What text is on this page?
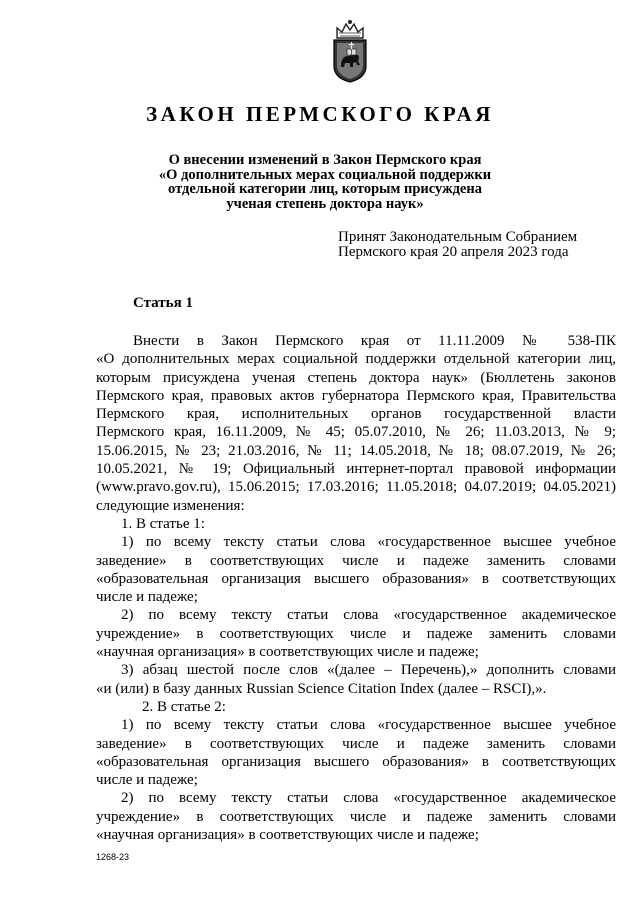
ЗАКОН ПЕРМСКОГО КРАЯ
О внесении изменений в Закон Пермского края
«О дополнительных мерах социальной поддержки
отдельной категории лиц, которым присуждена
ученая степень доктора наук»
Принят Законодательным Собранием
Пермского края 20 апреля 2023 года
Статья 1
Внести в Закон Пермского края от 11.11.2009 № 538-ПК
«О дополнительных мерах социальной поддержки отдельной категории лиц,
которым присуждена ученая степень доктора наук» (Бюллетень законов
Пермского края, правовых актов губернатора Пермского края, Правительства
Пермского края, исполнительных органов государственной власти
Пермского края, 16.11.2009, № 45; 05.07.2010, № 26; 11.03.2013, № 9;
15.06.2015, № 23; 21.03.2016, № 11; 14.05.2018, № 18; 08.07.2019, № 26;
10.05.2021, № 19; Официальный интернет-портал правовой информации
(www.pravo.gov.ru), 15.06.2015; 17.03.2016; 11.05.2018; 04.07.2019; 04.05.2021)
следующие изменения:
1. В статье 1:
1) по всему тексту статьи слова «государственное высшее учебное
заведение» в соответствующих числе и падеже заменить словами
«образовательная организация высшего образования» в соответствующих
числе и падеже;
2) по всему тексту статьи слова «государственное академическое
учреждение» в соответствующих числе и падеже заменить словами
«научная организация» в соответствующих числе и падеже;
3) абзац шестой после слов «(далее – Перечень),» дополнить словами
«и (или) в базу данных Russian Science Citation Index (далее – RSCI),».
2. В статье 2:
1) по всему тексту статьи слова «государственное высшее учебное
заведение» в соответствующих числе и падеже заменить словами
«образовательная организация высшего образования» в соответствующих
числе и падеже;
2) по всему тексту статьи слова «государственное академическое
учреждение» в соответствующих числе и падеже заменить словами
«научная организация» в соответствующих числе и падеже;
1268-23
